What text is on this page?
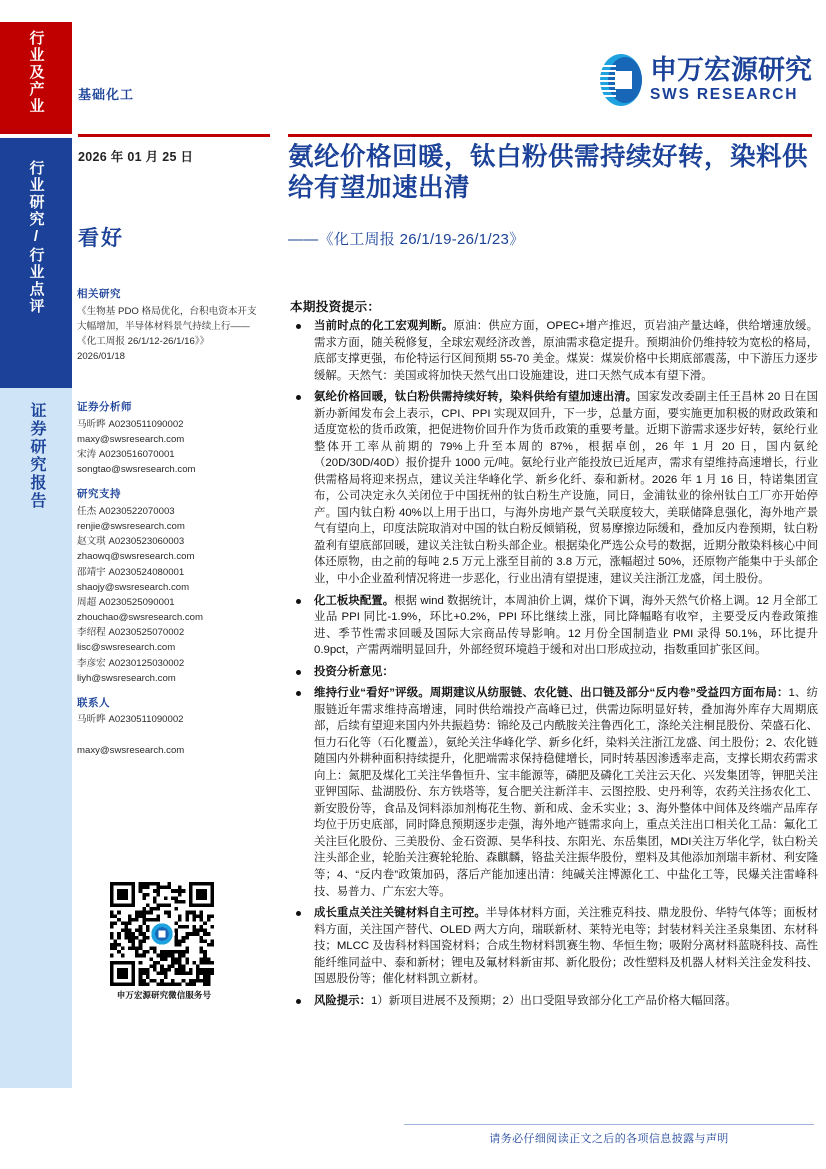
行业及产业
行业研究/行业点评
证券研究报告
基础化工
申万宏源研究
SWS RESEARCH
2026 年 01 月 25 日
看好
相关研究
《生物基 PDO 格局优化，台积电资本开支
大幅增加，半导体材料景气持续上行——
《化工周报 26/1/12-26/1/16》》
2026/01/18
证券分析师
马昕晔 A0230511090002
maxy@swsresearch.com
宋涛 A0230516070001
songtao@swsresearch.com
研究支持
任杰 A0230522070003
renjie@swsresearch.com
赵文琪 A0230523060003
zhaowq@swsresearch.com
邵靖宇 A0230524080001
shaojy@swsresearch.com
周超 A0230525090001
zhouchao@swsresearch.com
李绍程 A0230525070002
lisc@swsresearch.com
李彦宏 A0230125030002
liyh@swsresearch.com
联系人
马昕晔 A0230511090002

maxy@swsresearch.com
申万宏源研究微信服务号
氨纶价格回暖，钛白粉供需持续好转，染料供给有望加速出清
——《化工周报 26/1/19-26/1/23》
本期投资提示：

当前时点的化工宏观判断。原油：供应方面，OPEC+增产推迟，页岩油产量达峰，供给增速放缓。需求方面，随关税修复，全球宏观经济改善，原油需求稳定提升。预期油价仍维持较为宽松的格局，底部支撑更强，布伦特运行区间预期 55-70 美金。煤炭：煤炭价格中长期底部震荡，中下游压力逐步缓解。天然气：美国或将加快天然气出口设施建设，进口天然气成本有望下滑。

氨纶价格回暖，钛白粉供需持续好转，染料供给有望加速出清。国家发改委副主任王昌林 20 日在国新办新闻发布会上表示，CPI、PPI 实现双回升，下一步，总量方面，要实施更加积极的财政政策和适度宽松的货币政策，把促进物价回升作为货币政策的重要考量。近期下游需求逐步好转，氨纶行业整体开工率从前期的 79%上升至本周的 87%，根据卓创，26 年 1 月 20 日，国内氨纶（20D/30D/40D）报价提升 1000 元/吨。氨纶行业产能投放已近尾声，需求有望维持高速增长，行业供需格局将迎来拐点，建议关注华峰化学、新乡化纤、泰和新材。2026 年 1 月 16 日，特诺集团宣布，公司决定永久关闭位于中国抚州的钛白粉生产设施，同日，金浦钛业的徐州钛白工厂亦开始停产。国内钛白粉 40%以上用于出口，与海外房地产景气关联度较大，美联储降息强化，海外地产景气有望向上，印度法院取消对中国的钛白粉反倾销税，贸易摩擦边际缓和，叠加反内卷预期，钛白粉盈利有望底部回暖，建议关注钛白粉头部企业。根据染化严选公众号的数据，近期分散染料核心中间体还原物，由之前的每吨 2.5 万元上涨至目前的 3.8 万元，涨幅超过 50%，还原物产能集中于头部企业，中小企业盈利情况将进一步恶化，行业出清有望提速，建议关注浙江龙盛，闰土股份。

化工板块配置。根据 wind 数据统计，本周油价上调，煤价下调，海外天然气价格上调。12 月全部工业品 PPI 同比-1.9%，环比+0.2%，PPI 环比继续上涨，同比降幅略有收窄，主要受反内卷政策推进、季节性需求回暖及国际大宗商品传导影响。12 月份全国制造业 PMI 录得 50.1%，环比提升 0.9pct，产需两端明显回升，外部经贸环境趋于缓和对出口形成拉动，指数重回扩张区间。

投资分析意见：

维持行业“看好”评级。周期建议从纺服链、农化链、出口链及部分“反内卷”受益四方面布局：1、纺服链近年需求维持高增速，同时供给端投产高峰已过，供需边际明显好转，叠加海外库存大周期底部，后续有望迎来国内外共振趋势：锦纶及己内酰胺关注鲁西化工，涤纶关注桐昆股份、荣盛石化、恒力石化等（石化覆盖），氨纶关注华峰化学、新乡化纤，染料关注浙江龙盛、闰土股份；2、农化链随国内外耕种面积持续提升，化肥端需求保持稳健增长，同时转基因渗透率走高，支撑长期农药需求向上：氮肥及煤化工关注华鲁恒升、宝丰能源等，磷肥及磷化工关注云天化、兴发集团等，钾肥关注亚钾国际、盐湖股份、东方铁塔等，复合肥关注新洋丰、云图控股、史丹利等，农药关注扬农化工、新安股份等，食品及饲料添加剂梅花生物、新和成、金禾实业；3、海外整体中间体及终端产品库存均位于历史底部，同时降息预期逐步走强，海外地产链需求向上，重点关注出口相关化工品：氟化工关注巨化股份、三美股份、金石资源、昊华科技、东阳光、东岳集团，MDI关注万华化学，钛白粉关注头部企业，轮胎关注赛轮轮胎、森麒麟，铬盐关注振华股份，塑料及其他添加剂瑞丰新材、利安隆等；4、“反内卷”政策加码，落后产能加速出清：纯碱关注博源化工、中盐化工等，民爆关注雷峰科技、易普力、广东宏大等。

成长重点关注关键材料自主可控。半导体材料方面，关注雅克科技、鼎龙股份、华特气体等；面板材料方面，关注国产替代、OLED 两大方向，瑞联新材、莱特光电等；封装材料关注圣泉集团、东材科技；MLCC 及齿科材料国瓷材料；合成生物材料凯赛生物、华恒生物；吸附分离材料蓝晓科技、高性能纤维同益中、泰和新材；锂电及氟材料新宙邦、新化股份；改性塑料及机器人材料关注金发科技、国恩股份等；催化材料凯立新材。

风险提示：1）新项目进展不及预期；2）出口受阻导致部分化工产品价格大幅回落。

请务必仔细阅读正文之后的各项信息披露与声明
